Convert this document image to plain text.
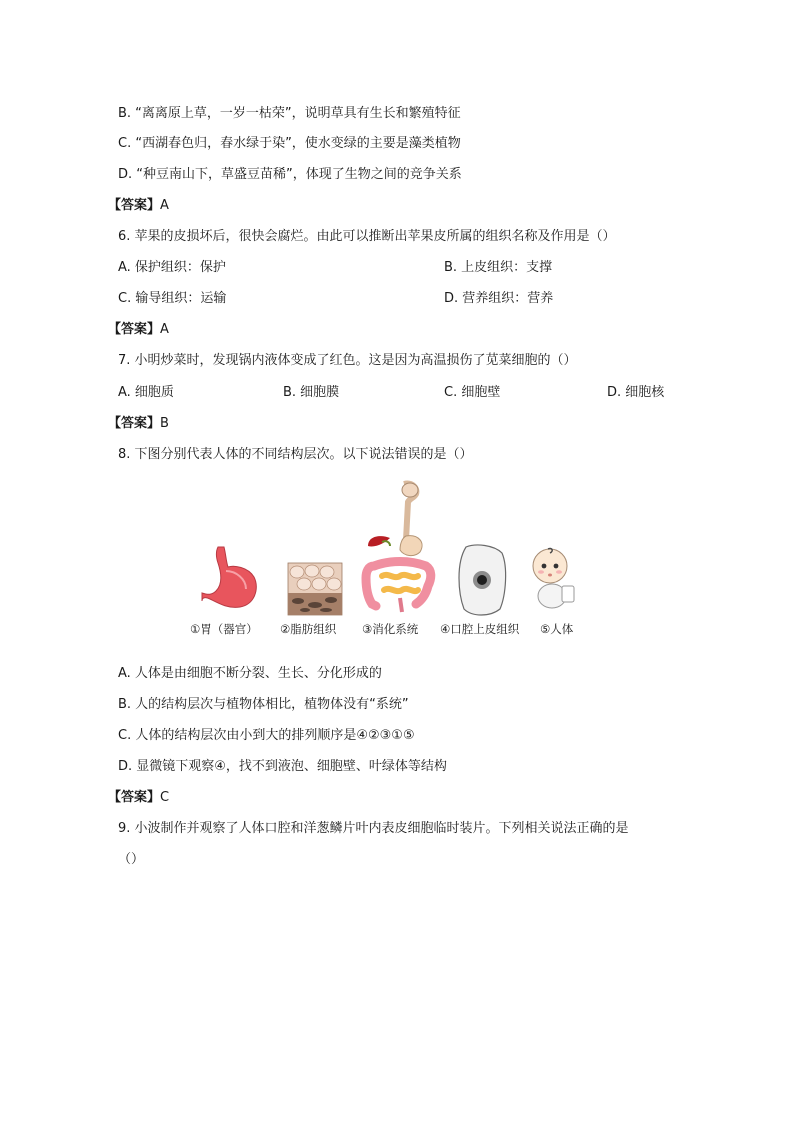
B. “离离原上草，一岁一枯荣”，说明草具有生长和繁殖特征
C. “西湖春色归，春水绿于染”，使水变绿的主要是藻类植物
D. “种豆南山下，草盛豆苗稀”，体现了生物之间的竞争关系
【答案】A
6. 苹果的皮损坏后，很快会腐烂。由此可以推断出苹果皮所属的组织名称及作用是（）
A. 保护组织：保护	B. 上皮组织：支撑
C. 输导组织：运输	D. 营养组织：营养
【答案】A
7. 小明炒菜时，发现锅内液体变成了红色。这是因为高温损伤了苋菜细胞的（）
A. 细胞质	B. 细胞膜	C. 细胞壁	D. 细胞核
【答案】B
8. 下图分别代表人体的不同结构层次。以下说法错误的是（）
①胃（器官） ②脂肪组织 ③消化系统 ④口腔上皮组织 ⑤人体
A. 人体是由细胞不断分裂、生长、分化形成的
B. 人的结构层次与植物体相比，植物体没有“系统”
C. 人体的结构层次由小到大的排列顺序是④②③①⑤
D. 显微镜下观察④，找不到液泡、细胞壁、叶绿体等结构
【答案】C
9. 小波制作并观察了人体口腔和洋葱鳞片叶内表皮细胞临时装片。下列相关说法正确的是
（）
